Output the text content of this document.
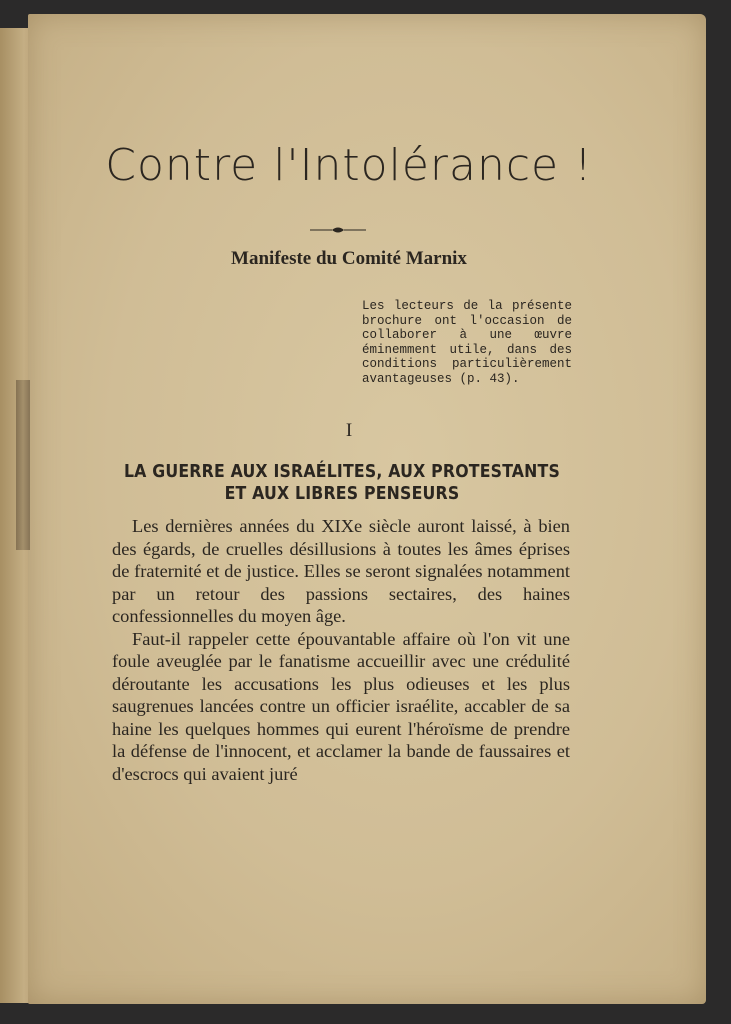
Contre l'Intolérance !
Manifeste du Comité Marnix

Les lecteurs de la présente brochure ont l'occasion de collaborer à une œuvre éminemment utile, dans des conditions particulièrement avantageuses (p. 43).

I

LA GUERRE AUX ISRAÉLITES, AUX PROTESTANTS
ET AUX LIBRES PENSEURS

Les dernières années du XIXe siècle auront laissé, à bien des égards, de cruelles désillusions à toutes les âmes éprises de fraternité et de justice. Elles se seront signalées notamment par un retour des passions sectaires, des haines confessionnelles du moyen âge.

Faut-il rappeler cette épouvantable affaire où l'on vit une foule aveuglée par le fanatisme accueillir avec une crédulité déroutante les accusations les plus odieuses et les plus saugrenues lancées contre un officier israélite, accabler de sa haine les quelques hommes qui eurent l'héroïsme de prendre la défense de l'innocent, et acclamer la bande de faussaires et d'escrocs qui avaient juré
